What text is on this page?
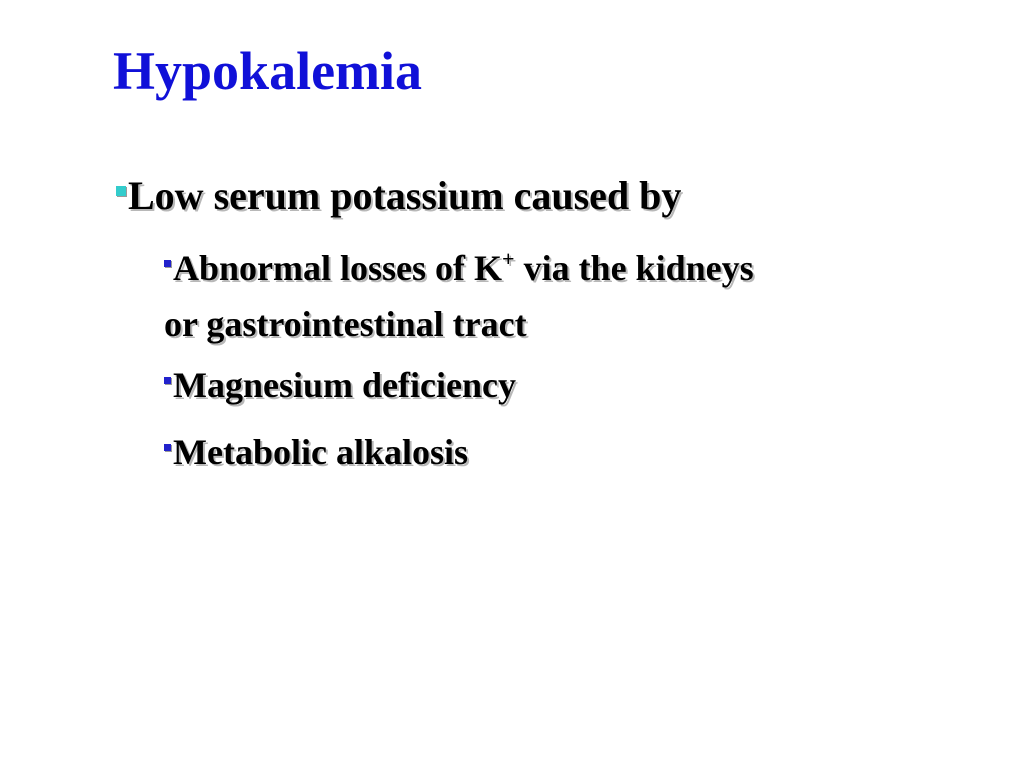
Hypokalemia
Low serum potassium caused by
Abnormal losses of K+ via the kidneys
or gastrointestinal tract
Magnesium deficiency
Metabolic alkalosis
